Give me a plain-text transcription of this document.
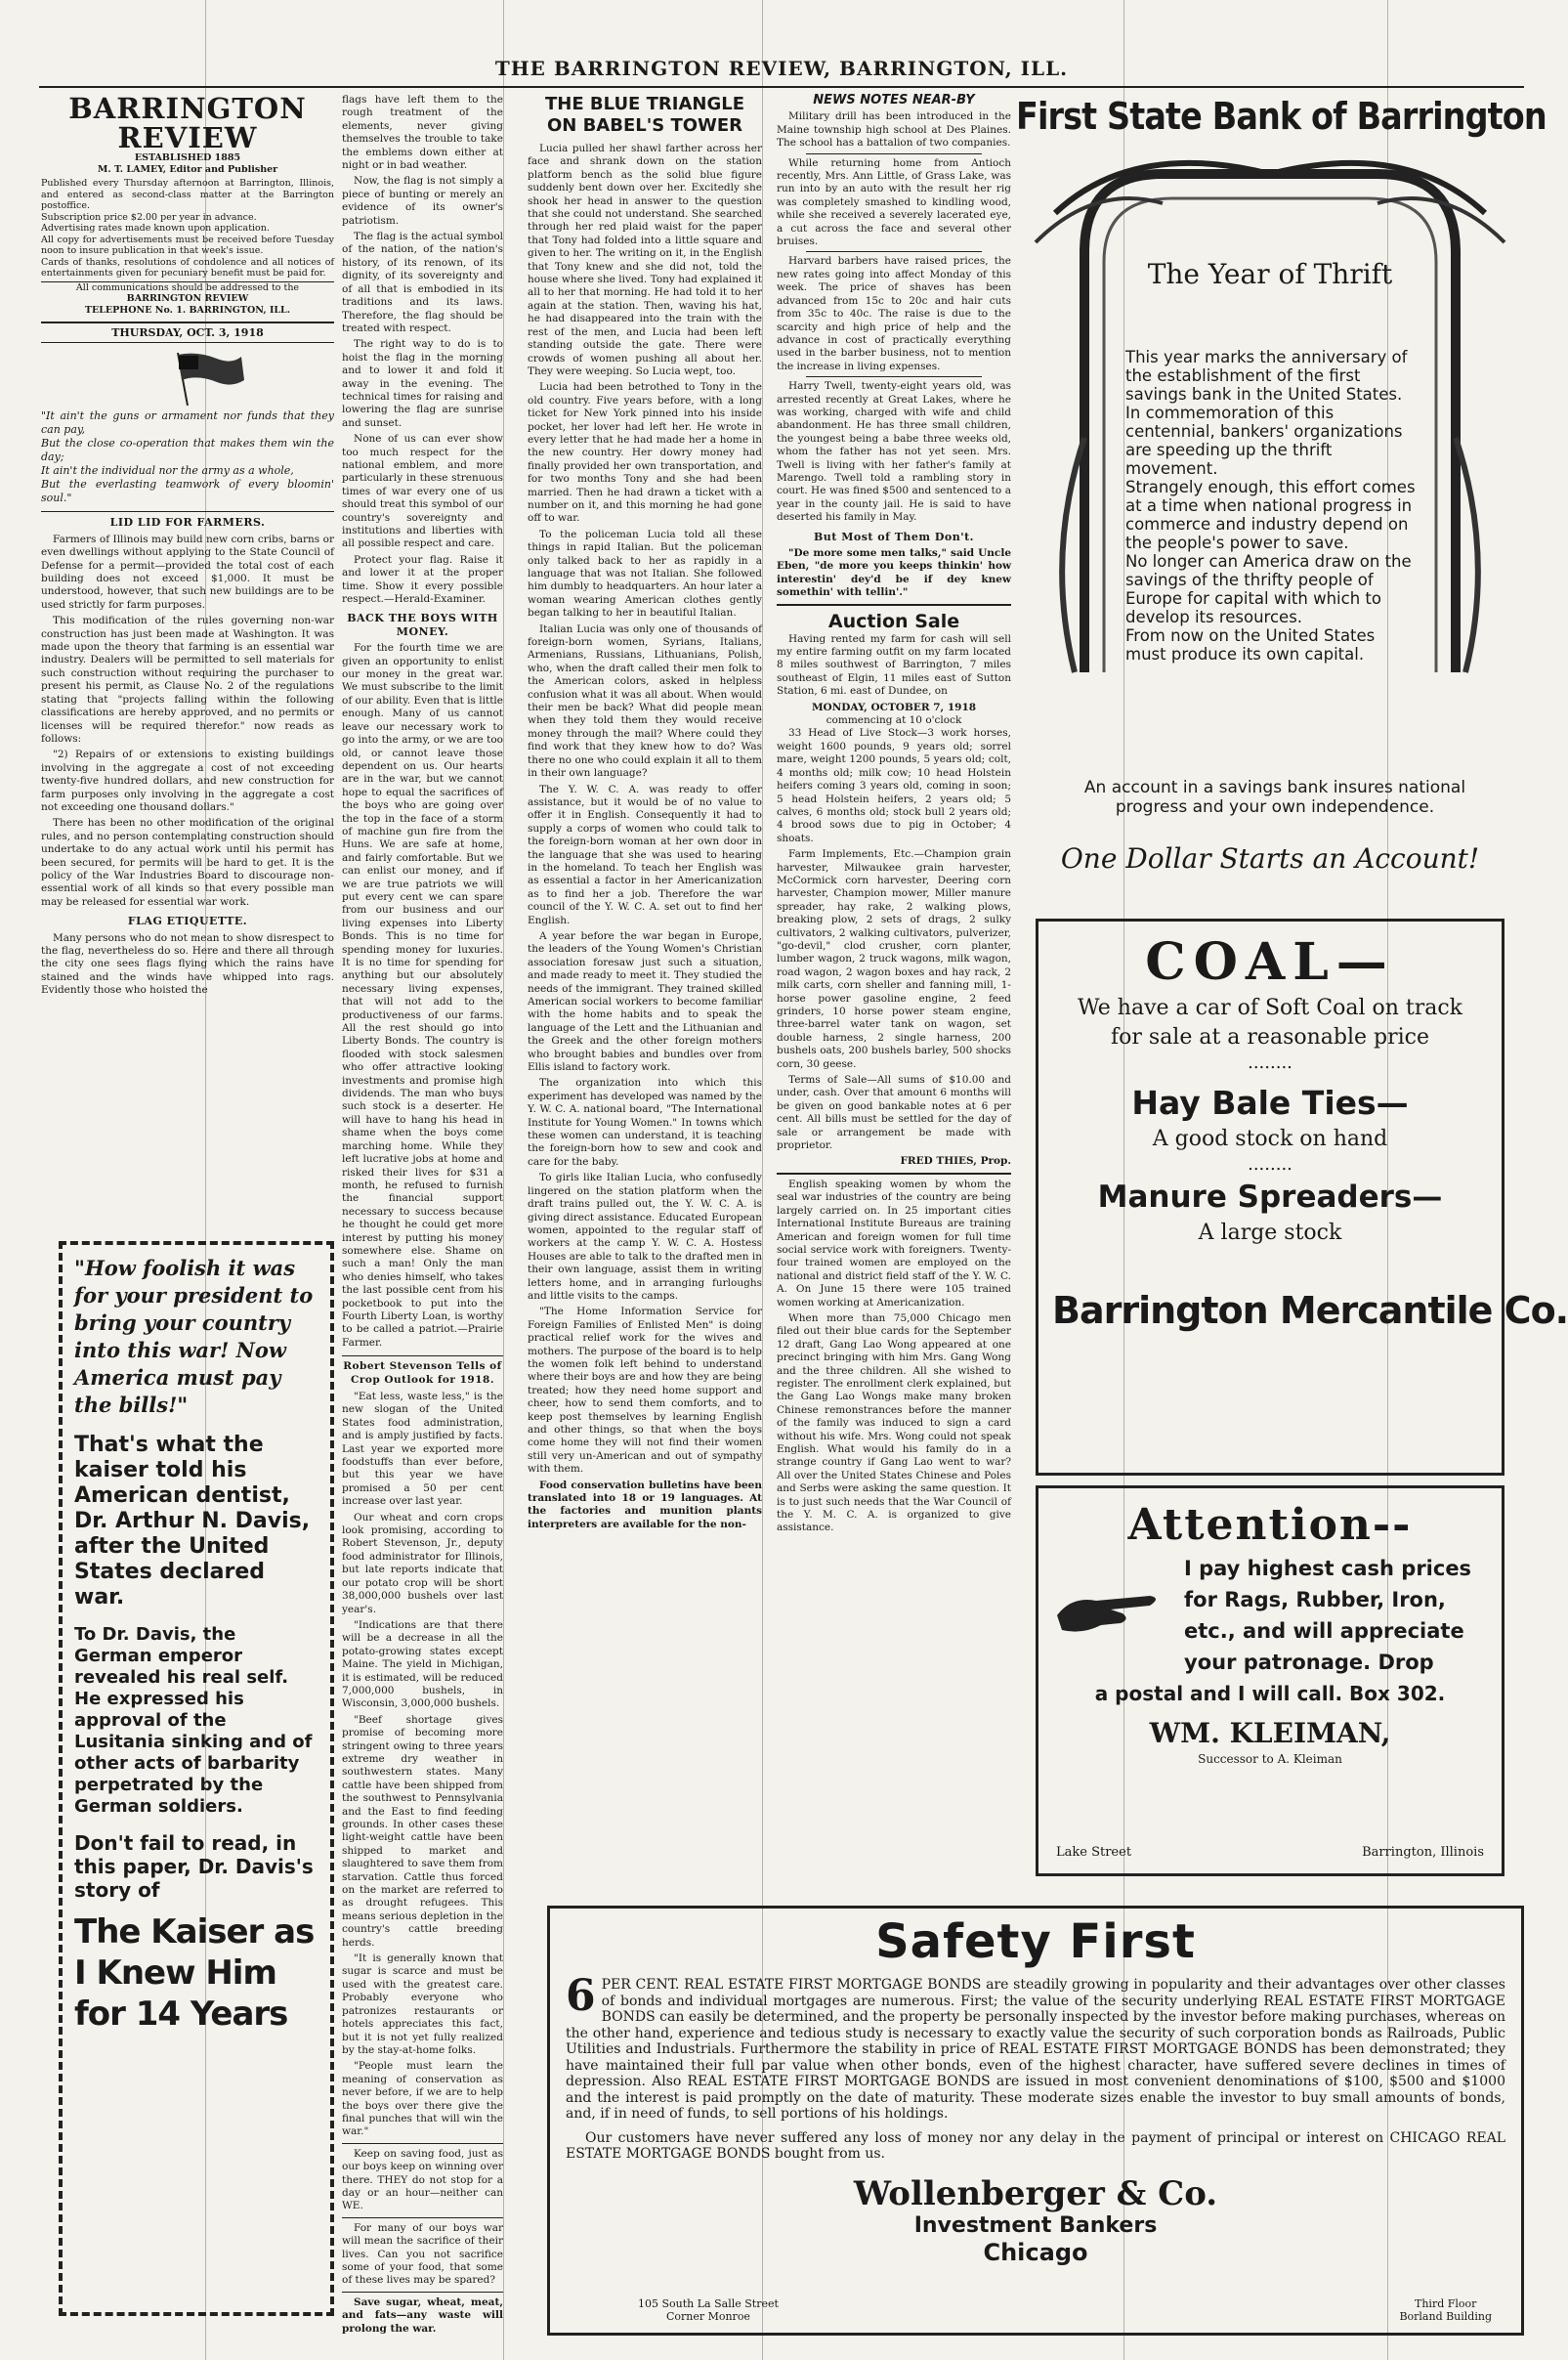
THE BARRINGTON REVIEW, BARRINGTON, ILL.
BARRINGTON REVIEW
ESTABLISHED 1885
M. T. LAMEY, Editor and Publisher
Published every Thursday afternoon at Barrington, Illinois, and entered as second-class matter at the Barrington postoffice.
Subscription price $2.00 per year in advance.
Advertising rates made known upon application.
All copy for advertisements must be received before Tuesday noon to insure publication in that week's issue.
Cards of thanks, resolutions of condolence and all notices of entertainments given for pecuniary benefit must be paid for.
All communications should be addressed to the
BARRINGTON REVIEW
TELEPHONE No. 1. BARRINGTON, ILL.
THURSDAY, OCT. 3, 1918
"It ain't the guns or armament nor funds that they can pay,
But the close co-operation that makes them win the day;
It ain't the individual nor the army as a whole,
But the everlasting teamwork of every bloomin' soul."
LID LID FOR FARMERS.

Farmers of Illinois may build new corn cribs, barns or even dwellings without applying to the State Council of Defense for a permit—provided the total cost of each building does not exceed $1,000. It must be understood, however, that such new buildings are to be used strictly for farm purposes.

This modification of the rules governing non-war construction has just been made at Washington. It was made upon the theory that farming is an essential war industry. Dealers will be permitted to sell materials for such construction without requiring the purchaser to present his permit, as Clause No. 2 of the regulations stating that "projects falling within the following classifications are hereby approved, and no permits or licenses will be required therefor." now reads as follows:

"2) Repairs of or extensions to existing buildings involving in the aggregate a cost of not exceeding twenty-five hundred dollars, and new construction for farm purposes only involving in the aggregate a cost not exceeding one thousand dollars."

There has been no other modification of the original rules, and no person contemplating construction should undertake to do any actual work until his permit has been secured, for permits will be hard to get. It is the policy of the War Industries Board to discourage non-essential work of all kinds so that every possible man may be released for essential war work.

FLAG ETIQUETTE.

Many persons who do not mean to show disrespect to the flag, nevertheless do so. Here and there all through the city one sees flags flying which the rains have stained and the winds have whipped into rags. Evidently those who hoisted the

"How foolish it was for your president to bring your country into this war! Now America must pay the bills!"
That's what the kaiser told his American dentist, Dr. Arthur N. Davis, after the United States declared war.
To Dr. Davis, the German emperor revealed his real self. He expressed his approval of the Lusitania sinking and of other acts of barbarity perpetrated by the German soldiers.
Don't fail to read, in this paper, Dr. Davis's story of
The Kaiser as
I Knew Him
for 14 Years

flags have left them to the rough treatment of the elements, never giving themselves the trouble to take the emblems down either at night or in bad weather.

Now, the flag is not simply a piece of bunting or merely an evidence of its owner's patriotism.

The flag is the actual symbol of the nation, of the nation's history, of its renown, of its dignity, of its sovereignty and of all that is embodied in its traditions and its laws. Therefore, the flag should be treated with respect.

The right way to do is to hoist the flag in the morning and to lower it and fold it away in the evening. The technical times for raising and lowering the flag are sunrise and sunset.

None of us can ever show too much respect for the national emblem, and more particularly in these strenuous times of war every one of us should treat this symbol of our country's sovereignty and institutions and liberties with all possible respect and care.

Protect your flag. Raise it and lower it at the proper time. Show it every possible respect.—Herald-Examiner.

BACK THE BOYS WITH MONEY.

For the fourth time we are given an opportunity to enlist our money in the great war. We must subscribe to the limit of our ability. Even that is little enough. Many of us cannot leave our necessary work to go into the army, or we are too old, or cannot leave those dependent on us. Our hearts are in the war, but we cannot hope to equal the sacrifices of the boys who are going over the top in the face of a storm of machine gun fire from the Huns. We are safe at home, and fairly comfortable. But we can enlist our money, and if we are true patriots we will put every cent we can spare from our business and our living expenses into Liberty Bonds. This is no time for spending money for luxuries. It is no time for spending for anything but our absolutely necessary living expenses, that will not add to the productiveness of our farms. All the rest should go into Liberty Bonds. The country is flooded with stock salesmen who offer attractive looking investments and promise high dividends. The man who buys such stock is a deserter. He will have to hang his head in shame when the boys come marching home. While they left lucrative jobs at home and risked their lives for $31 a month, he refused to furnish the financial support necessary to success because he thought he could get more interest by putting his money somewhere else. Shame on such a man! Only the man who denies himself, who takes the last possible cent from his pocketbook to put into the Fourth Liberty Loan, is worthy to be called a patriot.—Prairie Farmer.

Robert Stevenson Tells of Crop Outlook for 1918.

"Eat less, waste less," is the new slogan of the United States food administration, and is amply justified by facts. Last year we exported more foodstuffs than ever before, but this year we have promised a 50 per cent increase over last year.

Our wheat and corn crops look promising, according to Robert Stevenson, Jr., deputy food administrator for Illinois, but late reports indicate that our potato crop will be short 38,000,000 bushels over last year's.

"Indications are that there will be a decrease in all the potato-growing states except Maine. The yield in Michigan, it is estimated, will be reduced 7,000,000 bushels, in Wisconsin, 3,000,000 bushels.

"Beef shortage gives promise of becoming more stringent owing to three years extreme dry weather in southwestern states. Many cattle have been shipped from the southwest to Pennsylvania and the East to find feeding grounds. In other cases these light-weight cattle have been shipped to market and slaughtered to save them from starvation. Cattle thus forced on the market are referred to as drought refugees. This means serious depletion in the country's cattle breeding herds.

"It is generally known that sugar is scarce and must be used with the greatest care. Probably everyone who patronizes restaurants or hotels appreciates this fact, but it is not yet fully realized by the stay-at-home folks.

"People must learn the meaning of conservation as never before, if we are to help the boys over there give the final punches that will win the war."

Keep on saving food, just as our boys keep on winning over there. THEY do not stop for a day or an hour—neither can WE.

For many of our boys war will mean the sacrifice of their lives. Can you not sacrifice some of your food, that some of these lives may be spared?

Save sugar, wheat, meat, and fats—any waste will prolong the war.

THE BLUE TRIANGLE
ON BABEL'S TOWER

Lucia pulled her shawl farther across her face and shrank down on the station platform bench as the solid blue figure suddenly bent down over her. Excitedly she shook her head in answer to the question that she could not understand. She searched through her red plaid waist for the paper that Tony had folded into a little square and given to her. The writing on it, in the English that Tony knew and she did not, told the house where she lived. Tony had explained it all to her that morning. He had told it to her again at the station. Then, waving his hat, he had disappeared into the train with the rest of the men, and Lucia had been left standing outside the gate. There were crowds of women pushing all about her. They were weeping. So Lucia wept, too.

Lucia had been betrothed to Tony in the old country. Five years before, with a long ticket for New York pinned into his inside pocket, her lover had left her. He wrote in every letter that he had made her a home in the new country. Her dowry money had finally provided her own transportation, and for two months Tony and she had been married. Then he had drawn a ticket with a number on it, and this morning he had gone off to war.

To the policeman Lucia told all these things in rapid Italian. But the policeman only talked back to her as rapidly in a language that was not Italian. She followed him dumbly to headquarters. An hour later a woman wearing American clothes gently began talking to her in beautiful Italian.

Italian Lucia was only one of thousands of foreign-born women, Syrians, Italians, Armenians, Russians, Lithuanians, Polish, who, when the draft called their men folk to the American colors, asked in helpless confusion what it was all about. When would their men be back? What did people mean when they told them they would receive money through the mail? Where could they find work that they knew how to do? Was there no one who could explain it all to them in their own language?

The Y. W. C. A. was ready to offer assistance, but it would be of no value to offer it in English. Consequently it had to supply a corps of women who could talk to the foreign-born woman at her own door in the language that she was used to hearing in the homeland. To teach her English was as essential a factor in her Americanization as to find her a job. Therefore the war council of the Y. W. C. A. set out to find her English.

A year before the war began in Europe, the leaders of the Young Women's Christian association foresaw just such a situation, and made ready to meet it. They studied the needs of the immigrant. They trained skilled American social workers to become familiar with the home habits and to speak the language of the Lett and the Lithuanian and the Greek and the other foreign mothers who brought babies and bundles over from Ellis island to factory work.

The organization into which this experiment has developed was named by the Y. W. C. A. national board, "The International Institute for Young Women." In towns which these women can understand, it is teaching the foreign-born how to sew and cook and care for the baby.

To girls like Italian Lucia, who confusedly lingered on the station platform when the draft trains pulled out, the Y. W. C. A. is giving direct assistance. Educated European women, appointed to the regular staff of workers at the camp Y. W. C. A. Hostess Houses are able to talk to the drafted men in their own language, assist them in writing letters home, and in arranging furloughs and little visits to the camps.

"The Home Information Service for Foreign Families of Enlisted Men" is doing practical relief work for the wives and mothers. The purpose of the board is to help the women folk left behind to understand where their boys are and how they are being treated; how they need home support and cheer, how to send them comforts, and to keep post themselves by learning English and other things, so that when the boys come home they will not find their women still very un-American and out of sympathy with them.

Food conservation bulletins have been translated into 18 or 19 languages. At the factories and munition plants interpreters are available for the non-

NEWS NOTES NEAR-BY

Military drill has been introduced in the Maine township high school at Des Plaines. The school has a battalion of two companies.

While returning home from Antioch recently, Mrs. Ann Little, of Grass Lake, was run into by an auto with the result her rig was completely smashed to kindling wood, while she received a severely lacerated eye, a cut across the face and several other bruises.

Harvard barbers have raised prices, the new rates going into affect Monday of this week. The price of shaves has been advanced from 15c to 20c and hair cuts from 35c to 40c. The raise is due to the scarcity and high price of help and the advance in cost of practically everything used in the barber business, not to mention the increase in living expenses.

Harry Twell, twenty-eight years old, was arrested recently at Great Lakes, where he was working, charged with wife and child abandonment. He has three small children, the youngest being a babe three weeks old, whom the father has not yet seen. Mrs. Twell is living with her father's family at Marengo. Twell told a rambling story in court. He was fined $500 and sentenced to a year in the county jail. He is said to have deserted his family in May.

But Most of Them Don't.

"De more some men talks," said Uncle Eben, "de more you keeps thinkin' how interestin' dey'd be if dey knew somethin' with tellin'."

Auction Sale

Having rented my farm for cash will sell my entire farming outfit on my farm located 8 miles southwest of Barrington, 7 miles southeast of Elgin, 11 miles east of Sutton Station, 6 mi. east of Dundee, on

MONDAY, OCTOBER 7, 1918
commencing at 10 o'clock

33 Head of Live Stock—3 work horses, weight 1600 pounds, 9 years old; sorrel mare, weight 1200 pounds, 5 years old; colt, 4 months old; milk cow; 10 head Holstein heifers coming 3 years old, coming in soon; 5 head Holstein heifers, 2 years old; 5 calves, 6 months old; stock bull 2 years old; 4 brood sows due to pig in October; 4 shoats.

Farm Implements, Etc.—Champion grain harvester, Milwaukee grain harvester, McCormick corn harvester, Deering corn harvester, Champion mower, Miller manure spreader, hay rake, 2 walking plows, breaking plow, 2 sets of drags, 2 sulky cultivators, 2 walking cultivators, pulverizer, "go-devil," clod crusher, corn planter, lumber wagon, 2 truck wagons, milk wagon, road wagon, 2 wagon boxes and hay rack, 2 milk carts, corn sheller and fanning mill, 1-horse power gasoline engine, 2 feed grinders, 10 horse power steam engine, three-barrel water tank on wagon, set double harness, 2 single harness, 200 bushels oats, 200 bushels barley, 500 shocks corn, 30 geese.

Terms of Sale—All sums of $10.00 and under, cash. Over that amount 6 months will be given on good bankable notes at 6 per cent. All bills must be settled for the day of sale or arrangement be made with proprietor.

FRED THIES, Prop.

English speaking women by whom the seal war industries of the country are being largely carried on. In 25 important cities International Institute Bureaus are training American and foreign women for full time social service work with foreigners. Twenty-four trained women are employed on the national and district field staff of the Y. W. C. A. On June 15 there were 105 trained women working at Americanization.

When more than 75,000 Chicago men filed out their blue cards for the September 12 draft, Gang Lao Wong appeared at one precinct bringing with him Mrs. Gang Wong and the three children. All she wished to register. The enrollment clerk explained, but the Gang Lao Wongs make many broken Chinese remonstrances before the manner of the family was induced to sign a card without his wife. Mrs. Wong could not speak English. What would his family do in a strange country if Gang Lao went to war? All over the United States Chinese and Poles and Serbs were asking the same question. It is to just such needs that the War Council of the Y. M. C. A. is organized to give assistance.

First State Bank of Barrington
The Year of Thrift
This year marks the anniversary of the establishment of the first savings bank in the United States.
In commemoration of this centennial, bankers' organizations are speeding up the thrift movement.
Strangely enough, this effort comes at a time when national progress in commerce and industry depend on the people's power to save.
No longer can America draw on the savings of the thrifty people of Europe for capital with which to develop its resources.
From now on the United States must produce its own capital.
An account in a savings bank insures national progress and your own independence.
One Dollar Starts an Account!
COAL—
We have a car of Soft Coal on track
for sale at a reasonable price
........
Hay Bale Ties—
A good stock on hand
........
Manure Spreaders—
A large stock
Barrington Mercantile Co.
Attention--
I pay highest cash prices
for Rags, Rubber, Iron,
etc., and will appreciate
your patronage. Drop
a postal and I will call. Box 302.
WM. KLEIMAN,
Successor to A. Kleiman
Lake Street	Barrington, Illinois
Safety First
6 PER CENT. REAL ESTATE FIRST MORTGAGE BONDS are steadily growing in popularity and their advantages over other classes of bonds and individual mortgages are numerous. First; the value of the security underlying REAL ESTATE FIRST MORTGAGE BONDS can easily be determined, and the property be personally inspected by the investor before making purchases, whereas on the other hand, experience and tedious study is necessary to exactly value the security of such corporation bonds as Railroads, Public Utilities and Industrials. Furthermore the stability in price of REAL ESTATE FIRST MORTGAGE BONDS has been demonstrated; they have maintained their full par value when other bonds, even of the highest character, have suffered severe declines in times of depression. Also REAL ESTATE FIRST MORTGAGE BONDS are issued in most convenient denominations of $100, $500 and $1000 and the interest is paid promptly on the date of maturity. These moderate sizes enable the investor to buy small amounts of bonds, and, if in need of funds, to sell portions of his holdings.
Our customers have never suffered any loss of money nor any delay in the payment of principal or interest on CHICAGO REAL ESTATE MORTGAGE BONDS bought from us.
Wollenberger & Co.
Investment Bankers
Chicago
105 South La Salle Street
Corner Monroe
Third Floor
Borland Building
